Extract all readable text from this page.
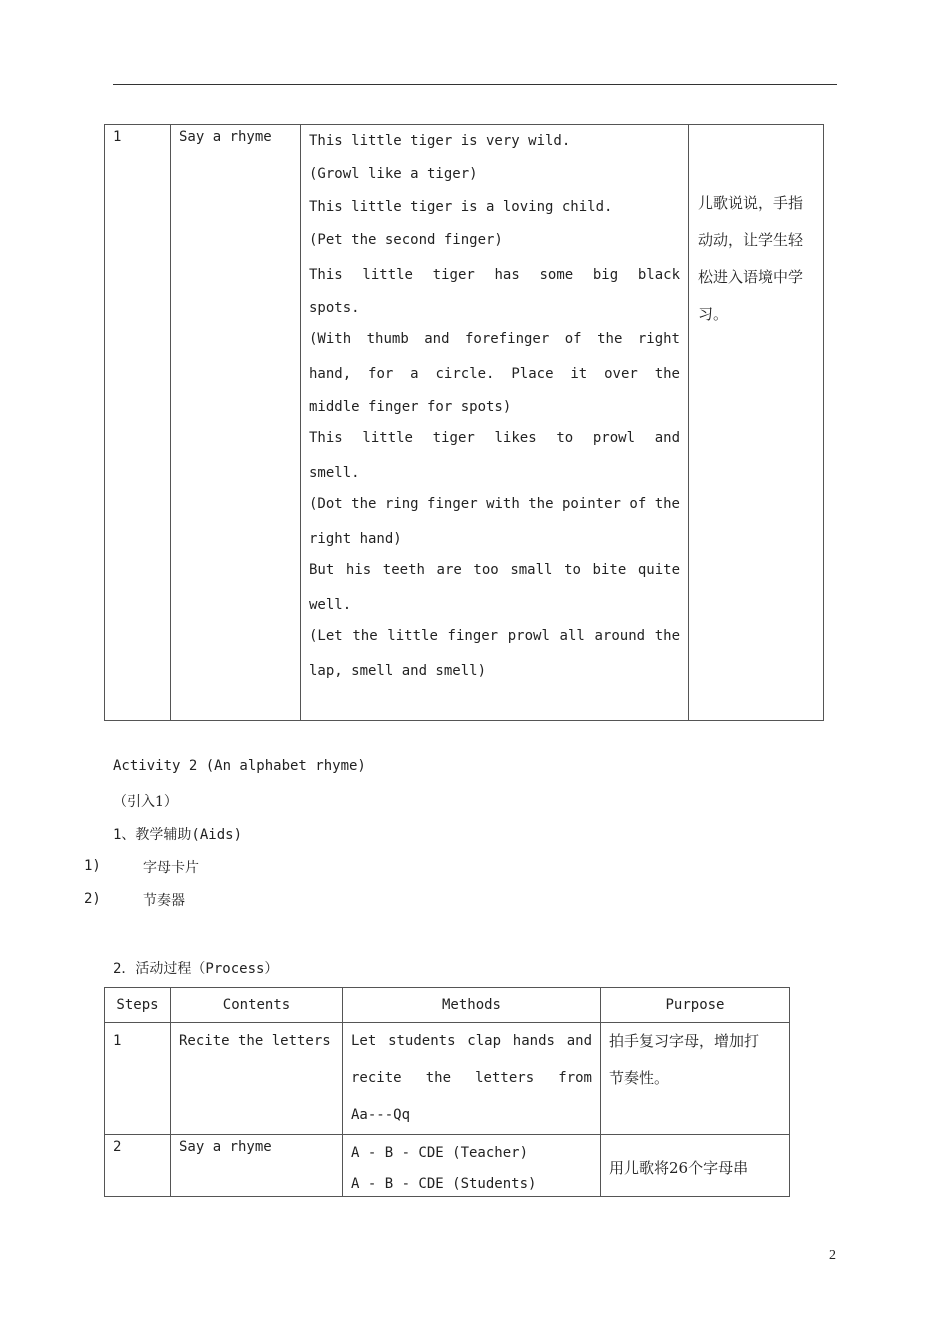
1	Say a rhyme	This little tiger is very wild.
(Growl like a tiger)
This little tiger is a loving child.
(Pet the second finger)
This little tiger has some big black
spots.
(With thumb and forefinger of the right
hand, for a circle. Place it over the
middle finger for spots)
This little tiger likes to prowl and
smell.
(Dot the ring finger with the pointer of the
right hand)
But his teeth are too small to bite quite
well.
(Let the little finger prowl all around the
lap, smell and smell)

儿歌说说，手指
动动，让学生轻
松进入语境中学
习。
Activity 2 (An alphabet rhyme)
（引入1）
1、教学辅助(Aids)
1)	字母卡片
2)	节奏器
2．活动过程（Process）
Steps	Contents	Methods	Purpose
1	Recite the letters	Let students clap hands and
recite the letters from
Aa---Qq	拍手复习字母，增加打
节奏性。

2	Say a rhyme	A - B - CDE (Teacher)
A - B - CDE (Students)	用儿歌将26个字母串
2
